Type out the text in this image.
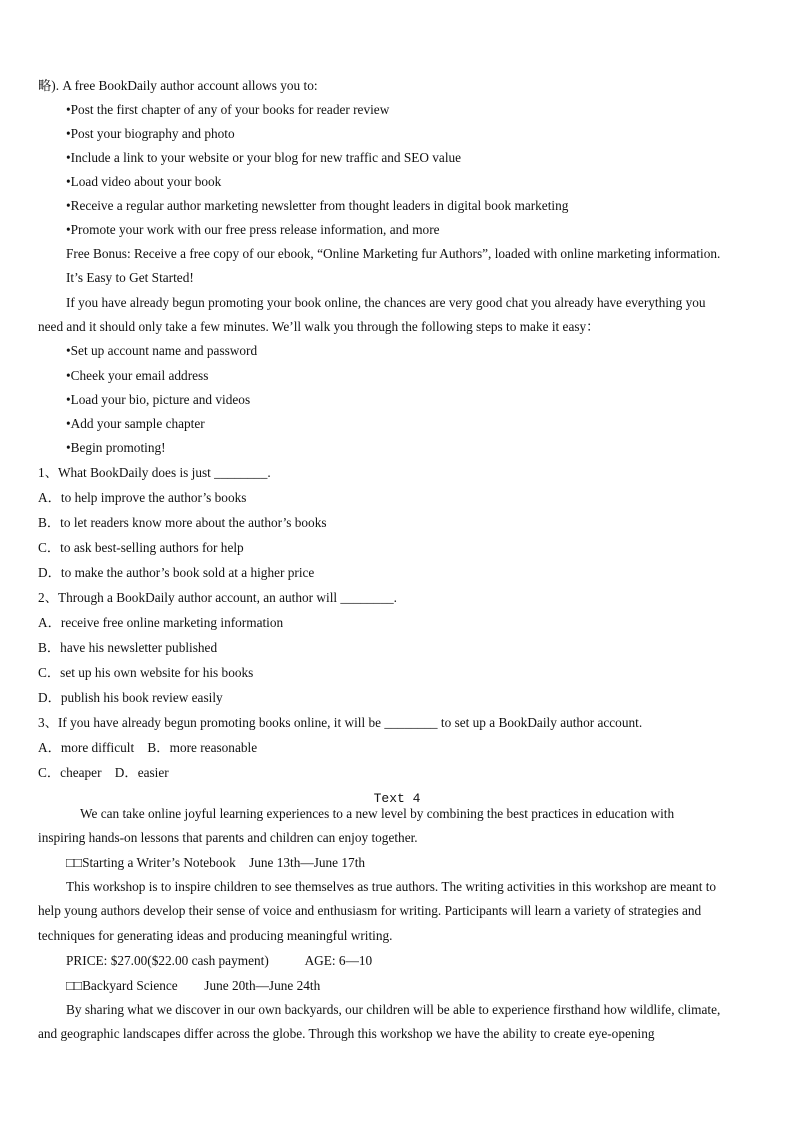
略). A free BookDaily author account allows you to:
•Post the first chapter of any of your books for reader review
•Post your biography and photo
•Include a link to your website or your blog for new traffic and SEO value
•Load video about your book
•Receive a regular author marketing newsletter from thought leaders in digital book marketing
•Promote your work with our free press release information, and more
Free Bonus: Receive a free copy of our ebook, “Online Marketing fur Authors”, loaded with online marketing information.
It’s Easy to Get Started!
If you have already begun promoting your book online, the chances are very good chat you already have everything you
need and it should only take a few minutes. We’ll walk you through the following steps to make it easy：
•Set up account name and password
•Cheek your email address
•Load your bio, picture and videos
•Add your sample chapter
•Begin promoting!
1、What BookDaily does is just ________.
A．to help improve the author’s books
B．to let readers know more about the author’s books
C．to ask best-selling authors for help
D．to make the author’s book sold at a higher price
2、Through a BookDaily author account, an author will ________.
A．receive free online marketing information
B．have his newsletter published
C．set up his own website for his books
D．publish his book review easily
3、If you have already begun promoting books online, it will be ________ to set up a BookDaily author account.
A．more difficult    B．more reasonable
C．cheaper    D．easier
Text 4
We can take online joyful learning experiences to a new level by combining the best practices in education with
inspiring hands-on lessons that parents and children can enjoy together.
□□Starting a Writer’s Notebook    June 13th—June 17th
This workshop is to inspire children to see themselves as true authors. The writing activities in this workshop are meant to
help young authors develop their sense of voice and enthusiasm for writing. Participants will learn a variety of strategies and
techniques for generating ideas and producing meaningful writing.
PRICE: $27.00($22.00 cash payment)           AGE: 6—10
□□Backyard Science        June 20th—June 24th
By sharing what we discover in our own backyards, our children will be able to experience firsthand how wildlife, climate,
and geographic landscapes differ across the globe. Through this workshop we have the ability to create eye-opening
